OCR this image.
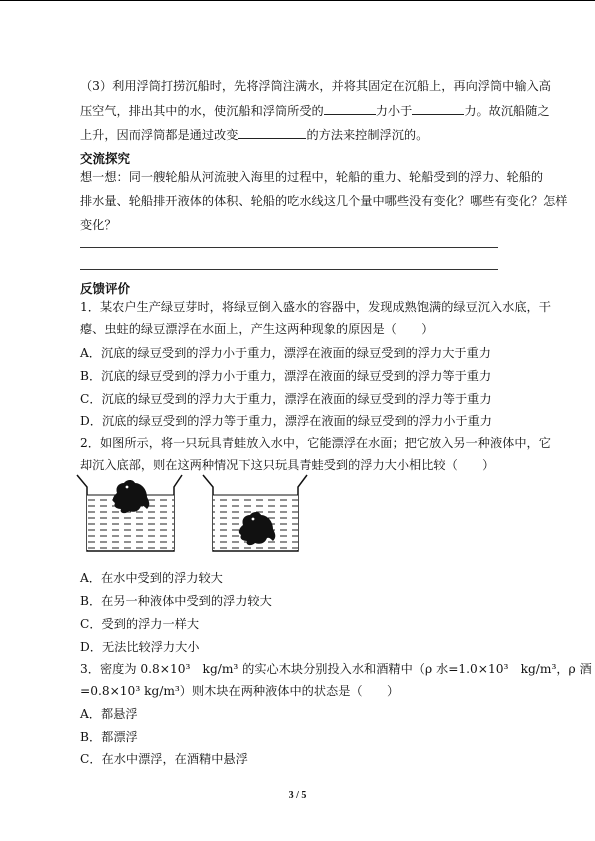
（3）利用浮筒打捞沉船时，先将浮筒注满水，并将其固定在沉船上，再向浮筒中输入高
压空气，排出其中的水，使沉船和浮筒所受的	力小于	力。故沉船随之
上升，因而浮筒都是通过改变	的方法来控制浮沉的。
交流探究
想一想：同一艘轮船从河流驶入海里的过程中，轮船的重力、轮船受到的浮力、轮船的
排水量、轮船排开液体的体积、轮船的吃水线这几个量中哪些没有变化？哪些有变化？怎样
变化？
反馈评价
1．某农户生产绿豆芽时，将绿豆倒入盛水的容器中，发现成熟饱满的绿豆沉入水底，干
瘪、虫蛀的绿豆漂浮在水面上，产生这两种现象的原因是（　　）
A．沉底的绿豆受到的浮力小于重力，漂浮在液面的绿豆受到的浮力大于重力
B．沉底的绿豆受到的浮力小于重力，漂浮在液面的绿豆受到的浮力等于重力
C．沉底的绿豆受到的浮力大于重力，漂浮在液面的绿豆受到的浮力等于重力
D．沉底的绿豆受到的浮力等于重力，漂浮在液面的绿豆受到的浮力小于重力
2．如图所示，将一只玩具青蛙放入水中，它能漂浮在水面；把它放入另一种液体中，它
却沉入底部，则在这两种情况下这只玩具青蛙受到的浮力大小相比较（　　）
A．在水中受到的浮力较大
B．在另一种液体中受到的浮力较大
C．受到的浮力一样大
D．无法比较浮力大小
3．密度为 0.8×10³　kg/m³ 的实心木块分别投入水和酒精中（ρ 水=1.0×10³　kg/m³，ρ 酒
=0.8×10³ kg/m³）则木块在两种液体中的状态是（　　）
A．都悬浮
B．都漂浮
C．在水中漂浮，在酒精中悬浮
3 / 5
